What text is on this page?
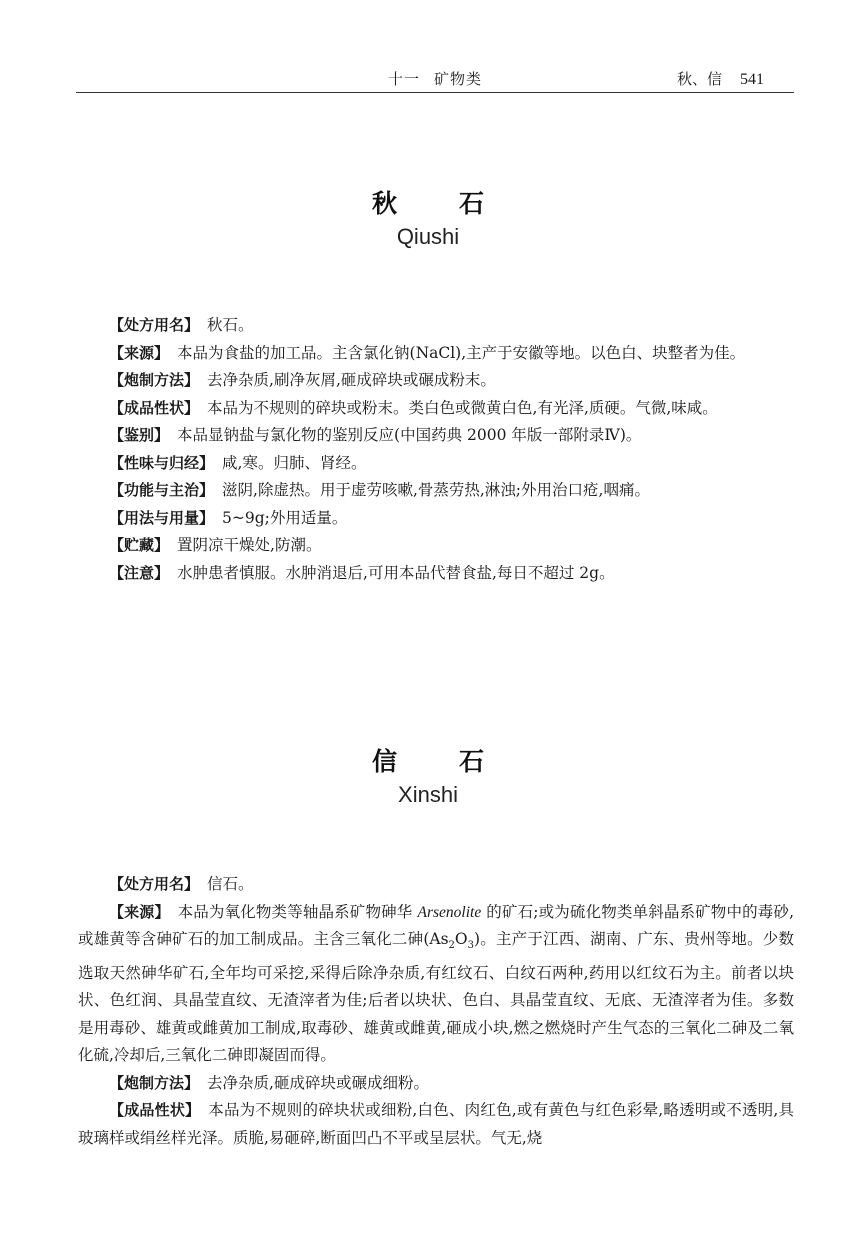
十一 矿物类	秋、信 541
秋 石
Qiushi

【处方用名】 秋石。

【来源】 本品为食盐的加工品。主含氯化钠(NaCl),主产于安徽等地。以色白、块整者为佳。

【炮制方法】 去净杂质,刷净灰屑,砸成碎块或碾成粉末。

【成品性状】 本品为不规则的碎块或粉末。类白色或微黄白色,有光泽,质硬。气微,味咸。

【鉴别】 本品显钠盐与氯化物的鉴别反应(中国药典 2000 年版一部附录Ⅳ)。

【性味与归经】 咸,寒。归肺、肾经。

【功能与主治】 滋阴,除虚热。用于虚劳咳嗽,骨蒸劳热,淋浊;外用治口疮,咽痛。

【用法与用量】 5~9g;外用适量。

【贮藏】 置阴凉干燥处,防潮。

【注意】 水肿患者慎服。水肿消退后,可用本品代替食盐,每日不超过 2g。

信 石
Xinshi

【处方用名】 信石。

【来源】 本品为氧化物类等轴晶系矿物砷华 Arsenolite 的矿石;或为硫化物类单斜晶系矿物中的毒砂,或雄黄等含砷矿石的加工制成品。主含三氧化二砷$(As_2O_3)$。主产于江西、湖南、广东、贵州等地。少数选取天然砷华矿石,全年均可采挖,采得后除净杂质,有红纹石、白纹石两种,药用以红纹石为主。前者以块状、色红润、具晶莹直纹、无渣滓者为佳;后者以块状、色白、具晶莹直纹、无底、无渣滓者为佳。多数是用毒砂、雄黄或雌黄加工制成,取毒砂、雄黄或雌黄,砸成小块,燃之燃烧时产生气态的三氧化二砷及二氧化硫,冷却后,三氧化二砷即凝固而得。

【炮制方法】 去净杂质,砸成碎块或碾成细粉。

【成品性状】 本品为不规则的碎块状或细粉,白色、肉红色,或有黄色与红色彩晕,略透明或不透明,具玻璃样或绢丝样光泽。质脆,易砸碎,断面凹凸不平或呈层状。气无,烧
